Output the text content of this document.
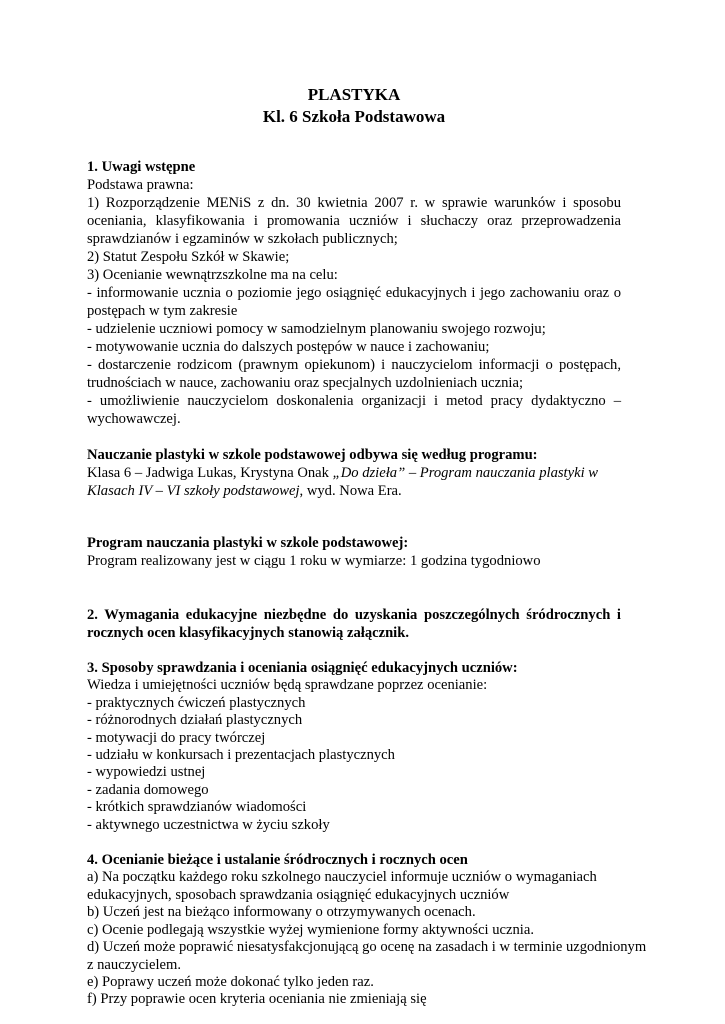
PLASTYKA

Kl. 6 Szkoła Podstawowa

1. Uwagi wstępne
Podstawa prawna:
1) Rozporządzenie MENiS z dn. 30 kwietnia 2007 r. w sprawie warunków i sposobu oceniania, klasyfikowania i promowania uczniów i słuchaczy oraz przeprowadzenia sprawdzianów i egzaminów w szkołach publicznych;
2) Statut Zespołu Szkół w Skawie;
3) Ocenianie wewnątrzszkolne ma na celu:
- informowanie ucznia o poziomie jego osiągnięć edukacyjnych i jego zachowaniu oraz o postępach w tym zakresie
- udzielenie uczniowi pomocy w samodzielnym planowaniu swojego rozwoju;
- motywowanie ucznia do dalszych postępów w nauce i zachowaniu;
- dostarczenie rodzicom (prawnym opiekunom) i nauczycielom informacji o postępach, trudnościach w nauce, zachowaniu oraz specjalnych uzdolnieniach ucznia;
- umożliwienie nauczycielom doskonalenia organizacji i metod pracy dydaktyczno – wychowawczej.
Nauczanie plastyki w szkole podstawowej odbywa się według programu:
Klasa 6 – Jadwiga Lukas, Krystyna Onak „Do dzieła” – Program nauczania plastyki w
Klasach IV – VI szkoły podstawowej, wyd. Nowa Era.
Program nauczania plastyki w szkole podstawowej:
Program realizowany jest w ciągu 1 roku w wymiarze: 1 godzina tygodniowo
2. Wymagania edukacyjne niezbędne do uzyskania poszczególnych śródrocznych i rocznych ocen klasyfikacyjnych stanowią załącznik.
3. Sposoby sprawdzania i oceniania osiągnięć edukacyjnych uczniów:
Wiedza i umiejętności uczniów będą sprawdzane poprzez ocenianie:
- praktycznych ćwiczeń plastycznych
- różnorodnych działań plastycznych
- motywacji do pracy twórczej
- udziału w konkursach i prezentacjach plastycznych
- wypowiedzi ustnej
- zadania domowego
- krótkich sprawdzianów wiadomości
- aktywnego uczestnictwa w życiu szkoły
4. Ocenianie bieżące i ustalanie śródrocznych i rocznych ocen
a) Na początku każdego roku szkolnego nauczyciel informuje uczniów o wymaganiach
edukacyjnych, sposobach sprawdzania osiągnięć edukacyjnych uczniów
b) Uczeń jest na bieżąco informowany o otrzymywanych ocenach.
c) Ocenie podlegają wszystkie wyżej wymienione formy aktywności ucznia.
d) Uczeń może poprawić niesatysfakcjonującą go ocenę na zasadach i w terminie uzgodnionym
z nauczycielem.
e) Poprawy uczeń może dokonać tylko jeden raz.
f) Przy poprawie ocen kryteria oceniania nie zmieniają się
